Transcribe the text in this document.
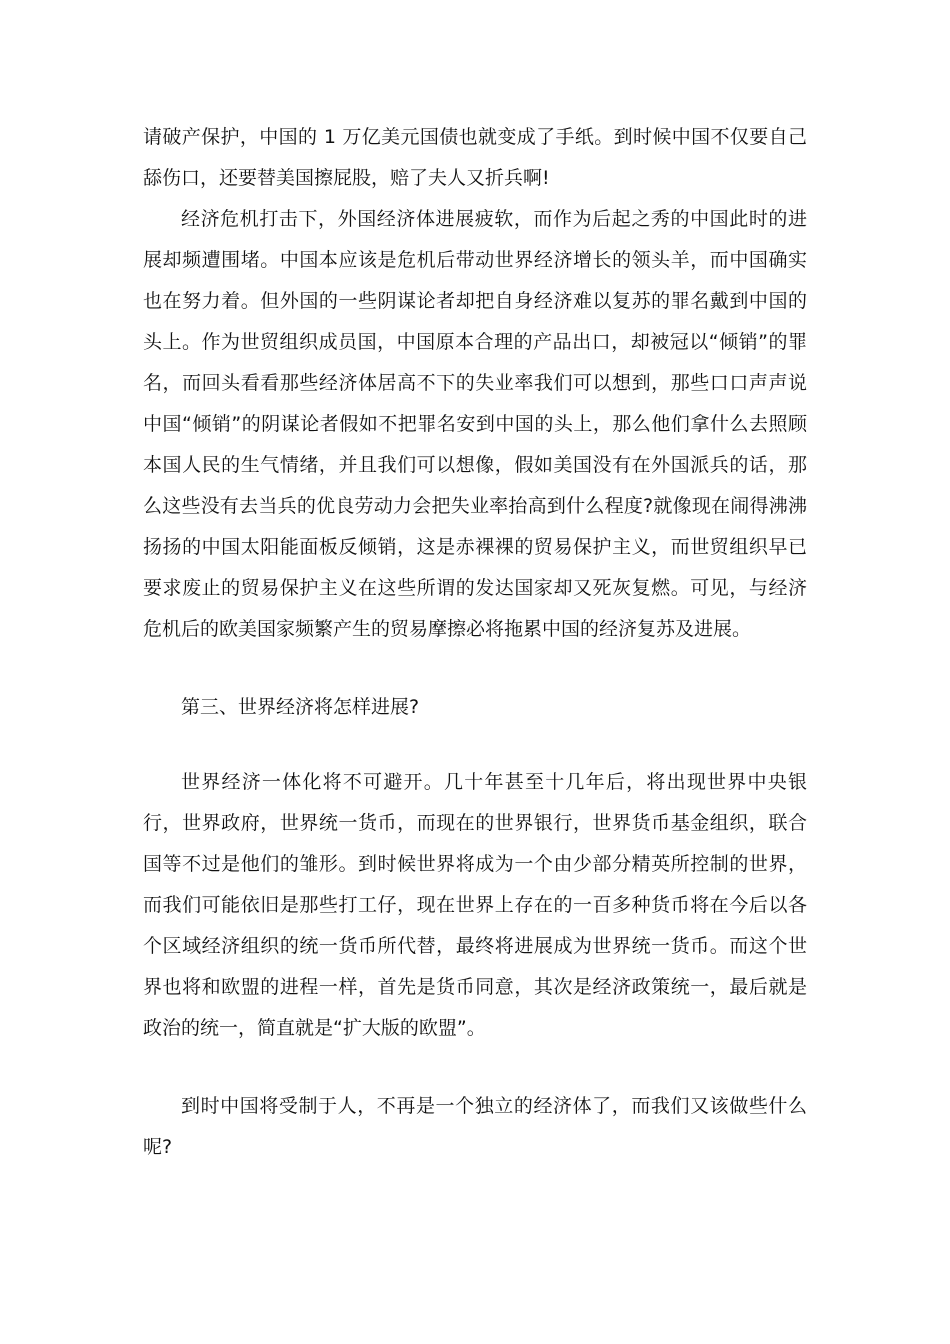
请破产保护，中国的 1 万亿美元国债也就变成了手纸。到时候中国不仅要自己舔伤口，还要替美国擦屁股，赔了夫人又折兵啊!

经济危机打击下，外国经济体进展疲软，而作为后起之秀的中国此时的进展却频遭围堵。中国本应该是危机后带动世界经济增长的领头羊，而中国确实也在努力着。但外国的一些阴谋论者却把自身经济难以复苏的罪名戴到中国的头上。作为世贸组织成员国，中国原本合理的产品出口，却被冠以“倾销”的罪名，而回头看看那些经济体居高不下的失业率我们可以想到，那些口口声声说中国“倾销”的阴谋论者假如不把罪名安到中国的头上，那么他们拿什么去照顾本国人民的生气情绪，并且我们可以想像，假如美国没有在外国派兵的话，那么这些没有去当兵的优良劳动力会把失业率抬高到什么程度?就像现在闹得沸沸扬扬的中国太阳能面板反倾销，这是赤裸裸的贸易保护主义，而世贸组织早已要求废止的贸易保护主义在这些所谓的发达国家却又死灰复燃。可见，与经济危机后的欧美国家频繁产生的贸易摩擦必将拖累中国的经济复苏及进展。

第三、世界经济将怎样进展?

世界经济一体化将不可避开。几十年甚至十几年后，将出现世界中央银行，世界政府，世界统一货币，而现在的世界银行，世界货币基金组织，联合国等不过是他们的雏形。到时候世界将成为一个由少部分精英所控制的世界，而我们可能依旧是那些打工仔，现在世界上存在的一百多种货币将在今后以各个区域经济组织的统一货币所代替，最终将进展成为世界统一货币。而这个世界也将和欧盟的进程一样，首先是货币同意，其次是经济政策统一，最后就是政治的统一，简直就是“扩大版的欧盟”。

到时中国将受制于人，不再是一个独立的经济体了，而我们又该做些什么呢?
